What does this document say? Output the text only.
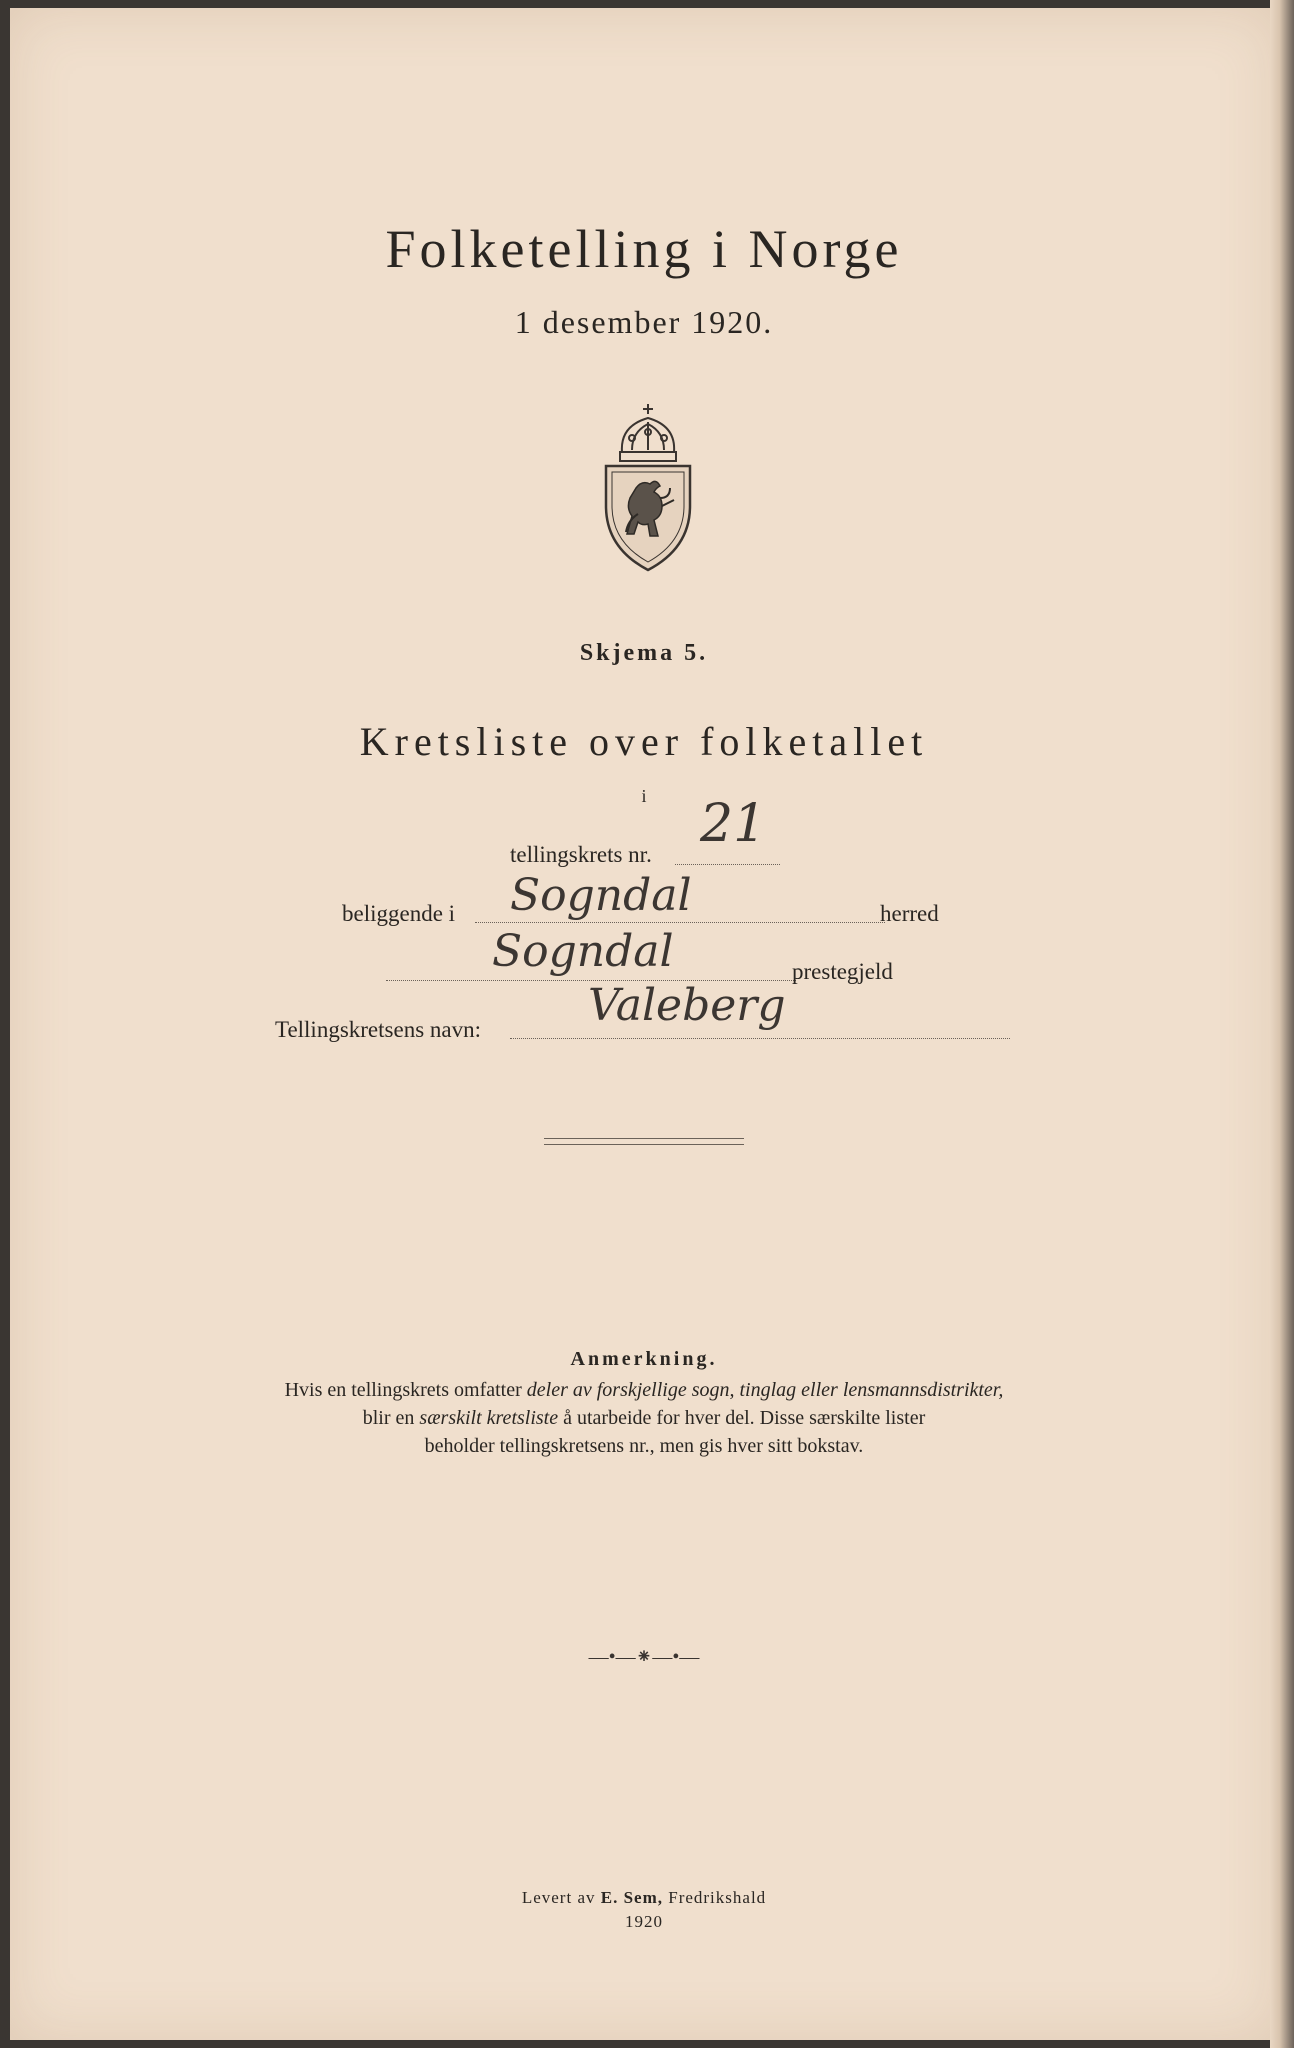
Folketelling i Norge
1 desember 1920.
Skjema 5.
Kretsliste over folketallet
i
tellingskrets nr.
21
beliggende i Sogndal	herred
Sogndal	prestegjeld
Tellingskretsens navn: Valeberg
Anmerkning.
Hvis en tellingskrets omfatter deler av forskjellige sogn, tinglag eller lensmannsdistrikter,
blir en særskilt kretsliste å utarbeide for hver del. Disse særskilte lister
beholder tellingskretsens nr., men gis hver sitt bokstav.
—•—⁕—•—
Levert av E. Sem, Fredrikshald
1920
